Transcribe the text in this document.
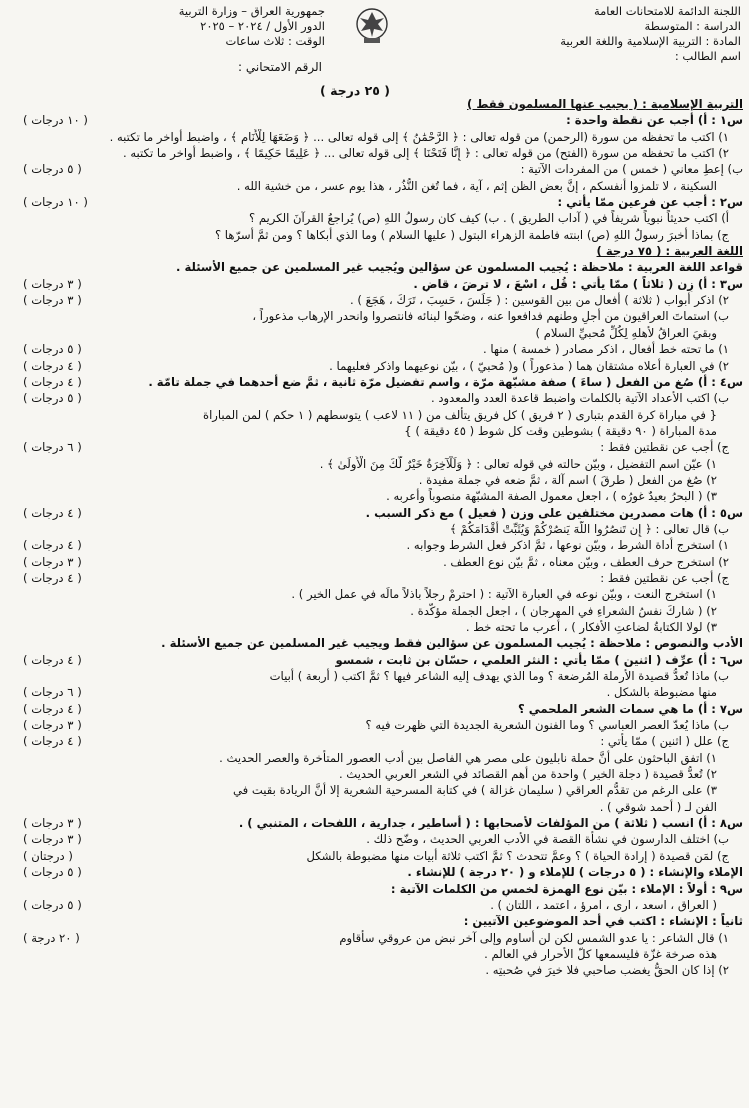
اللجنة الدائمة للامتحانات العامة
الدراسة : المتوسطة
المادة : التربية الإسلامية واللغة العربية
اسم الطالب :
جمهورية العراق – وزارة التربية
الدور الأول / ٢٠٢٤ – ٢٠٢٥
الوقت : ثلاث ساعات
الرقم الامتحاني :
( ٢٥ درجة )
التربية الإسلامية : ( يجيب عنها المسلمون فقط )
س١ : أ) أجب عن نقطة واحدة :
( ١٠ درجات )
١) اكتب ما تحفظه من سورة (الرحمن) من قوله تعالى : ﴿ الرَّحْمَٰنُ ﴾ إلى قوله تعالى ... ﴿ وَضَعَهَا لِلْأَنَامِ ﴾ ، واضبط أواخر ما تكتبه .
٢) اكتب ما تحفظه من سورة (الفتح) من قوله تعالى : ﴿ إِنَّا فَتَحْنَا ﴾ إلى قوله تعالى ... ﴿ عَلِيمًا حَكِيمًا ﴾ ، واضبط أواخر ما تكتبه .
ب) إعطِ معاني ( خمس ) من المفردات الآتية :
( ٥ درجات )
السكينة ، لا تلمزوا أنفسكم ، إنَّ بعض الظن إثم ، آية ، فما تُغنِ النُّذُر ، هذا يوم عسر ، من خشية الله .
س٢ : أجب عن فرعين ممّا يأتي :
( ١٠ درجات )
أ) اكتب حديثاً نبوياً شريفاً في ( آداب الطريق ) . ب) كيف كان رسولُ اللهِ (ص) يُراجعُ القرآنَ الكريم ؟
ج) بماذا أخبرَ رسولُ اللهِ (ص) ابنته فاطمة الزهراء البتول ( عليها السلام ) وما الذي أبكاها ؟ ومن ثمَّ أسرّها ؟
اللغة العربية : ( ٧٥ درجة )
قواعد اللغة العربية : ملاحظة : يُجيب المسلمون عن سؤالين ويُجيب غير المسلمين عن جميع الأسئلة .
س٣ : أ) زِن ( ثلاثاً ) ممّا يأتي : قُل ، اسْعَ ، لا ترضَ ، قاضٍ .
( ٣ درجات )
٢) اذكر أبواب ( ثلاثة ) أفعال من بين القوسين : ( جَلَسَ ، حَسِبَ ، تَرَكَ ، هَجَعَ ) .
( ٣ درجات )
ب) استماتَ العراقيون من أجلِ وطنهم فدافعوا عنه ، وضحّوا لبنائه فانتصروا وانحدر الإرهاب مذعوراً ،
وبقيَ العراقُ لأهلهِ لِكُلِّ مُحبيِّ السلام )
١) ما تحته خط أفعال ، اذكر مصادر ( خمسة ) منها .
( ٥ درجات )
٢) في العبارة أعلاه مشتقان هما ( مذعوراً ) و( مُحبيّ ) ، بيّن نوعيهما واذكر فعليهما .
( ٤ درجات )
س٤ : أ) صُغ من الفعل ( ساءَ ) صفة مشبّهة مرّة ، واسم تفضيل مرّة ثانية ، ثمَّ ضع أحدهما في جملة تامّة .
( ٤ درجات )
ب) اكتب الأعداد الآتية بالكلمات واضبط قاعدة العدد والمعدود .
( ٥ درجات )
{ في مباراة كرة القدم بتبارى ( ٢ فريق ) كل فريق يتألف من ( ١١ لاعب ) يتوسطهم ( ١ حكم ) لمن المباراة
مدة المباراة ( ٩٠ دقيقة ) بشوطين وقت كل شوط ( ٤٥ دقيقة ) }
ج) أجب عن نقطتين فقط :
( ٦ درجات )
١) عيّن اسم التفضيل ، وبيّن حالته في قوله تعالى : ﴿ وَلَلْآخِرَةُ خَيْرٌ لَّكَ مِنَ الْأُولَىٰ ﴾ .
٢) صُغ من الفعل ( طرقَ ) اسم آلة ، ثمَّ ضعه في جملة مفيدة .
٣) ( البحرُ بعيدٌ غورُه ) ، اجعل معمول الصفة المشبّهة منصوباً وأعربه .
س٥ : أ) هات مصدرين مختلفين على وزن ( فعيل ) مع ذكر السبب .
( ٤ درجات )
ب) قال تعالى : ﴿ إِن تَنصُرُوا اللَّهَ يَنصُرْكُمْ وَيُثَبِّتْ أَقْدَامَكُمْ ﴾
١) استخرج أداة الشرط ، وبيّن نوعها ، ثمَّ اذكر فعل الشرط وجوابه .
( ٤ درجات )
٢) استخرج حرف العطف ، وبيّن معناه ، ثمَّ بيّن نوع العطف .
( ٣ درجات )
ج) أجب عن نقطتين فقط :
( ٤ درجات )
١) استخرج النعت ، وبيّن نوعه في العبارة الآتية : ( احترمْ رجلاً باذلاً مالَه في عمل الخير ) .
٢) ( شاركَ نفسُ الشعراءِ في المهرجان ) ، اجعل الجملة مؤكّدة .
٣) لولا الكتابةُ لضاعتِ الأفكار ) ، أعرب ما تحته خط .
الأدب والنصوص : ملاحظة : يُجيب المسلمون عن سؤالين فقط ويجيب غير المسلمين عن جميع الأسئلة .
س٦ : أ) عرِّف ( اثنين ) ممّا يأتي : النثر العلمي ، حسّان بن ثابت ، شمسو
( ٤ درجات )
ب) ماذا تُعدُّ قصيدة الأرملة المُرضعة ؟ وما الذي يهدف إليه الشاعر فيها ؟ ثمَّ اكتب ( أربعة ) أبيات
منها مضبوطة بالشكل .
( ٦ درجات )
س٧ : أ) ما هي سمات الشعر الملحمي ؟
( ٤ درجات )
ب) ماذا يُعدّ العصر العباسي ؟ وما الفنون الشعرية الجديدة التي ظهرت فيه ؟
( ٣ درجات )
ج) علل ( اثنين ) ممّا يأتي :
( ٤ درجات )
١) اتفق الباحثون على أنَّ حملة نابليون على مصر هي الفاصل بين أدب العصور المتأخرة والعصر الحديث .
٢) تُعدُّ قصيدة ( دجلة الخير ) واحدة من أهم القصائد في الشعر العربي الحديث .
٣) على الرغم من تقدُّم العراقي ( سليمان غزالة ) في كتابة المسرحية الشعرية إلا أنَّ الريادة بقيت في
الفن لـ ( أحمد شوقي ) .
س٨ : أ) انسب ( ثلاثة ) من المؤلفات لأصحابها : ( أساطير ، جدارية ، اللفحات ، المتنبي ) .
( ٣ درجات )
ب) اختلف الدارسون في نشأة القصة في الأدب العربي الحديث ، وضّح ذلك .
( ٣ درجات )
ج) لمَن قصيدة ( إرادة الحياة ) ؟ وعمَّ تتحدث ؟ ثمَّ اكتب ثلاثة أبيات منها مضبوطة بالشكل
( درجتان )
الإملاء والإنشاء : ( ٥ درجات ) للإملاء و ( ٢٠ درجة ) للإنشاء .
( ٥ درجات )
س٩ : أولاً : الإملاء : بيّن نوع الهمزة لخمسٍ من الكلمات الآتية :
( العراق ، اسعد ، ارى ، امرؤ ، اعتمد ، اللتان ) .
( ٥ درجات )
ثانياً : الإنشاء : اكتب في أحد الموضوعين الآتيين :
١) قال الشاعر : يا عدو الشمس لكن لن أساوم وإلى آخر نبض من عروقي سأقاوم
( ٢٠ درجة )
هذه صرخة غزّة فليسمعها كلّ الأحرار في العالم .
٢) إذا كان الحقُّ يغضب صاحبي فلا خيرَ في صُحبتِه .
